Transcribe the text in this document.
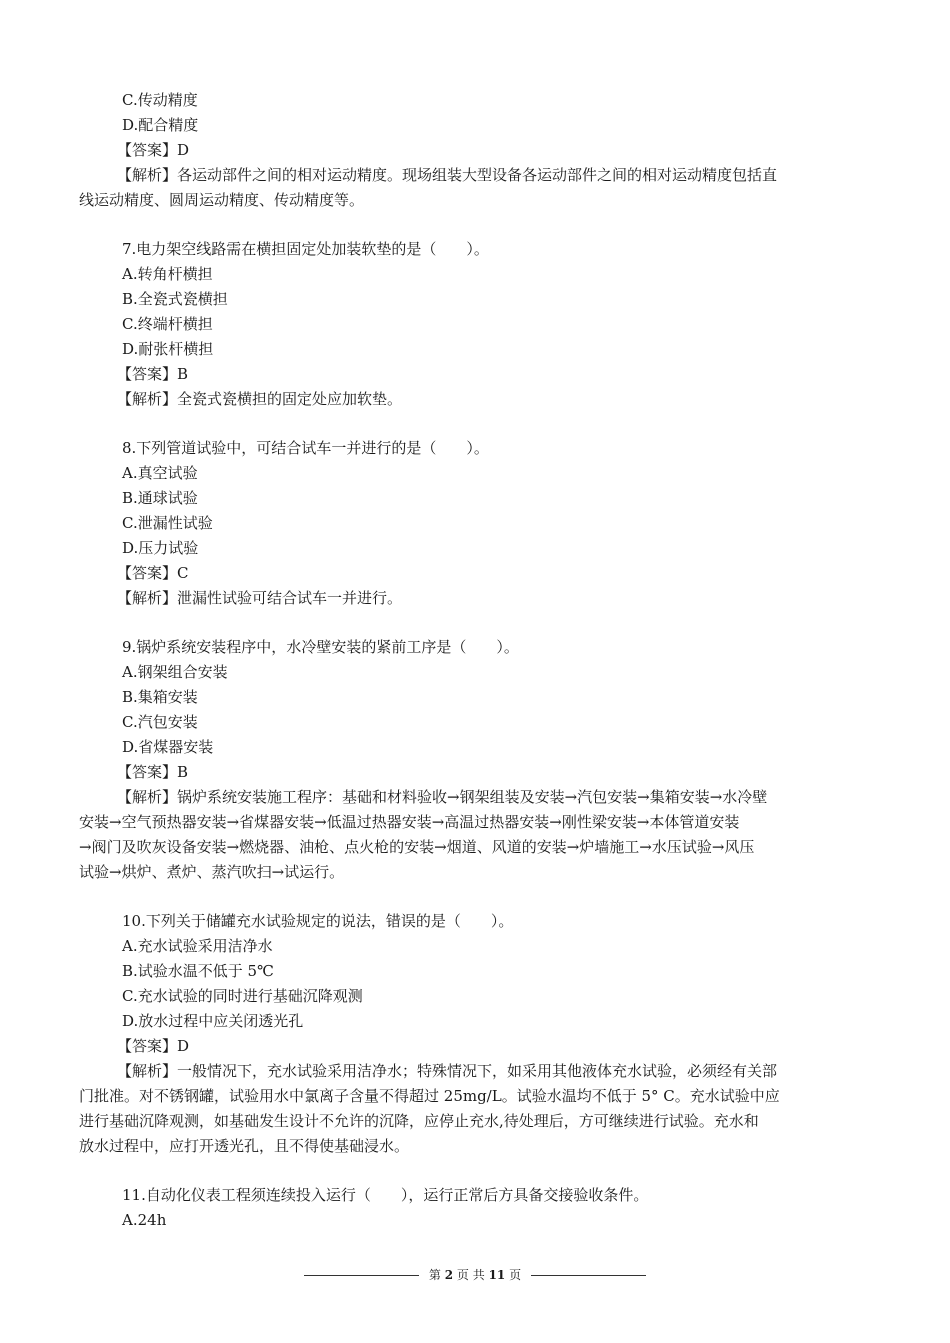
C.传动精度
D.配合精度
【答案】D
【解析】各运动部件之间的相对运动精度。现场组装大型设备各运动部件之间的相对运动精度包括直
线运动精度、圆周运动精度、传动精度等。
7.电力架空线路需在横担固定处加装软垫的是（　　）。
A.转角杆横担
B.全瓷式瓷横担
C.终端杆横担
D.耐张杆横担
【答案】B
【解析】全瓷式瓷横担的固定处应加软垫。
8.下列管道试验中，可结合试车一并进行的是（　　）。
A.真空试验
B.通球试验
C.泄漏性试验
D.压力试验
【答案】C
【解析】泄漏性试验可结合试车一并进行。
9.锅炉系统安装程序中，水冷壁安装的紧前工序是（　　）。
A.钢架组合安装
B.集箱安装
C.汽包安装
D.省煤器安装
【答案】B
【解析】锅炉系统安装施工程序：基础和材料验收→钢架组装及安装→汽包安装→集箱安装→水冷壁
安装→空气预热器安装→省煤器安装→低温过热器安装→高温过热器安装→刚性梁安装→本体管道安装
→阀门及吹灰设备安装→燃烧器、油枪、点火枪的安装→烟道、风道的安装→炉墙施工→水压试验→风压
试验→烘炉、煮炉、蒸汽吹扫→试运行。
10.下列关于储罐充水试验规定的说法，错误的是（　　）。
A.充水试验采用洁净水
B.试验水温不低于 5℃
C.充水试验的同时进行基础沉降观测
D.放水过程中应关闭透光孔
【答案】D
【解析】一般情况下，充水试验采用洁净水；特殊情况下，如采用其他液体充水试验，必须经有关部
门批准。对不锈钢罐，试验用水中氯离子含量不得超过 25mg/L。试验水温均不低于 5° C。充水试验中应
进行基础沉降观测，如基础发生设计不允许的沉降，应停止充水,待处理后，方可继续进行试验。充水和
放水过程中，应打开透光孔，且不得使基础浸水。
11.自动化仪表工程须连续投入运行（　　），运行正常后方具备交接验收条件。
A.24h
第 2 页 共 11 页
